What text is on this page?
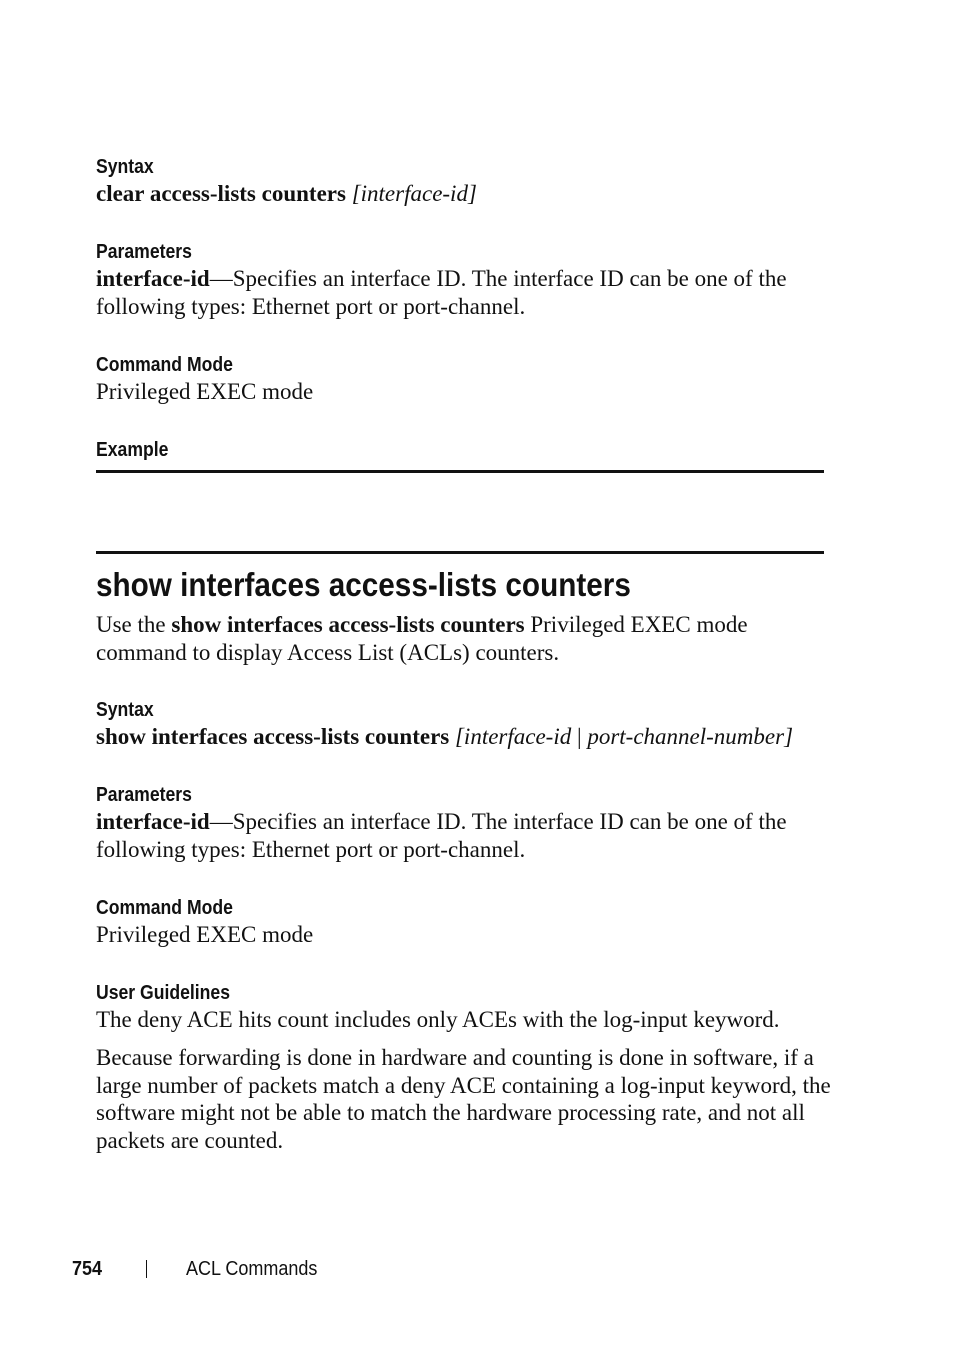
Syntax

clear access-lists counters [interface-id]

Parameters

interface-id—Specifies an interface ID. The interface ID can be one of the following types: Ethernet port or port-channel.

Command Mode
Privileged EXEC mode
Example
show interfaces access-lists counters

Use the show interfaces access-lists counters Privileged EXEC mode command to display Access List (ACLs) counters.

Syntax

show interfaces access-lists counters [interface-id | port-channel-number]

Parameters

interface-id—Specifies an interface ID. The interface ID can be one of the following types: Ethernet port or port-channel.

Command Mode
Privileged EXEC mode
User Guidelines
The deny ACE hits count includes only ACEs with the log-input keyword.
Because forwarding is done in hardware and counting is done in software, if a large number of packets match a deny ACE containing a log-input keyword, the software might not be able to match the hardware processing rate, and not all packets are counted.
754	ACL Commands
